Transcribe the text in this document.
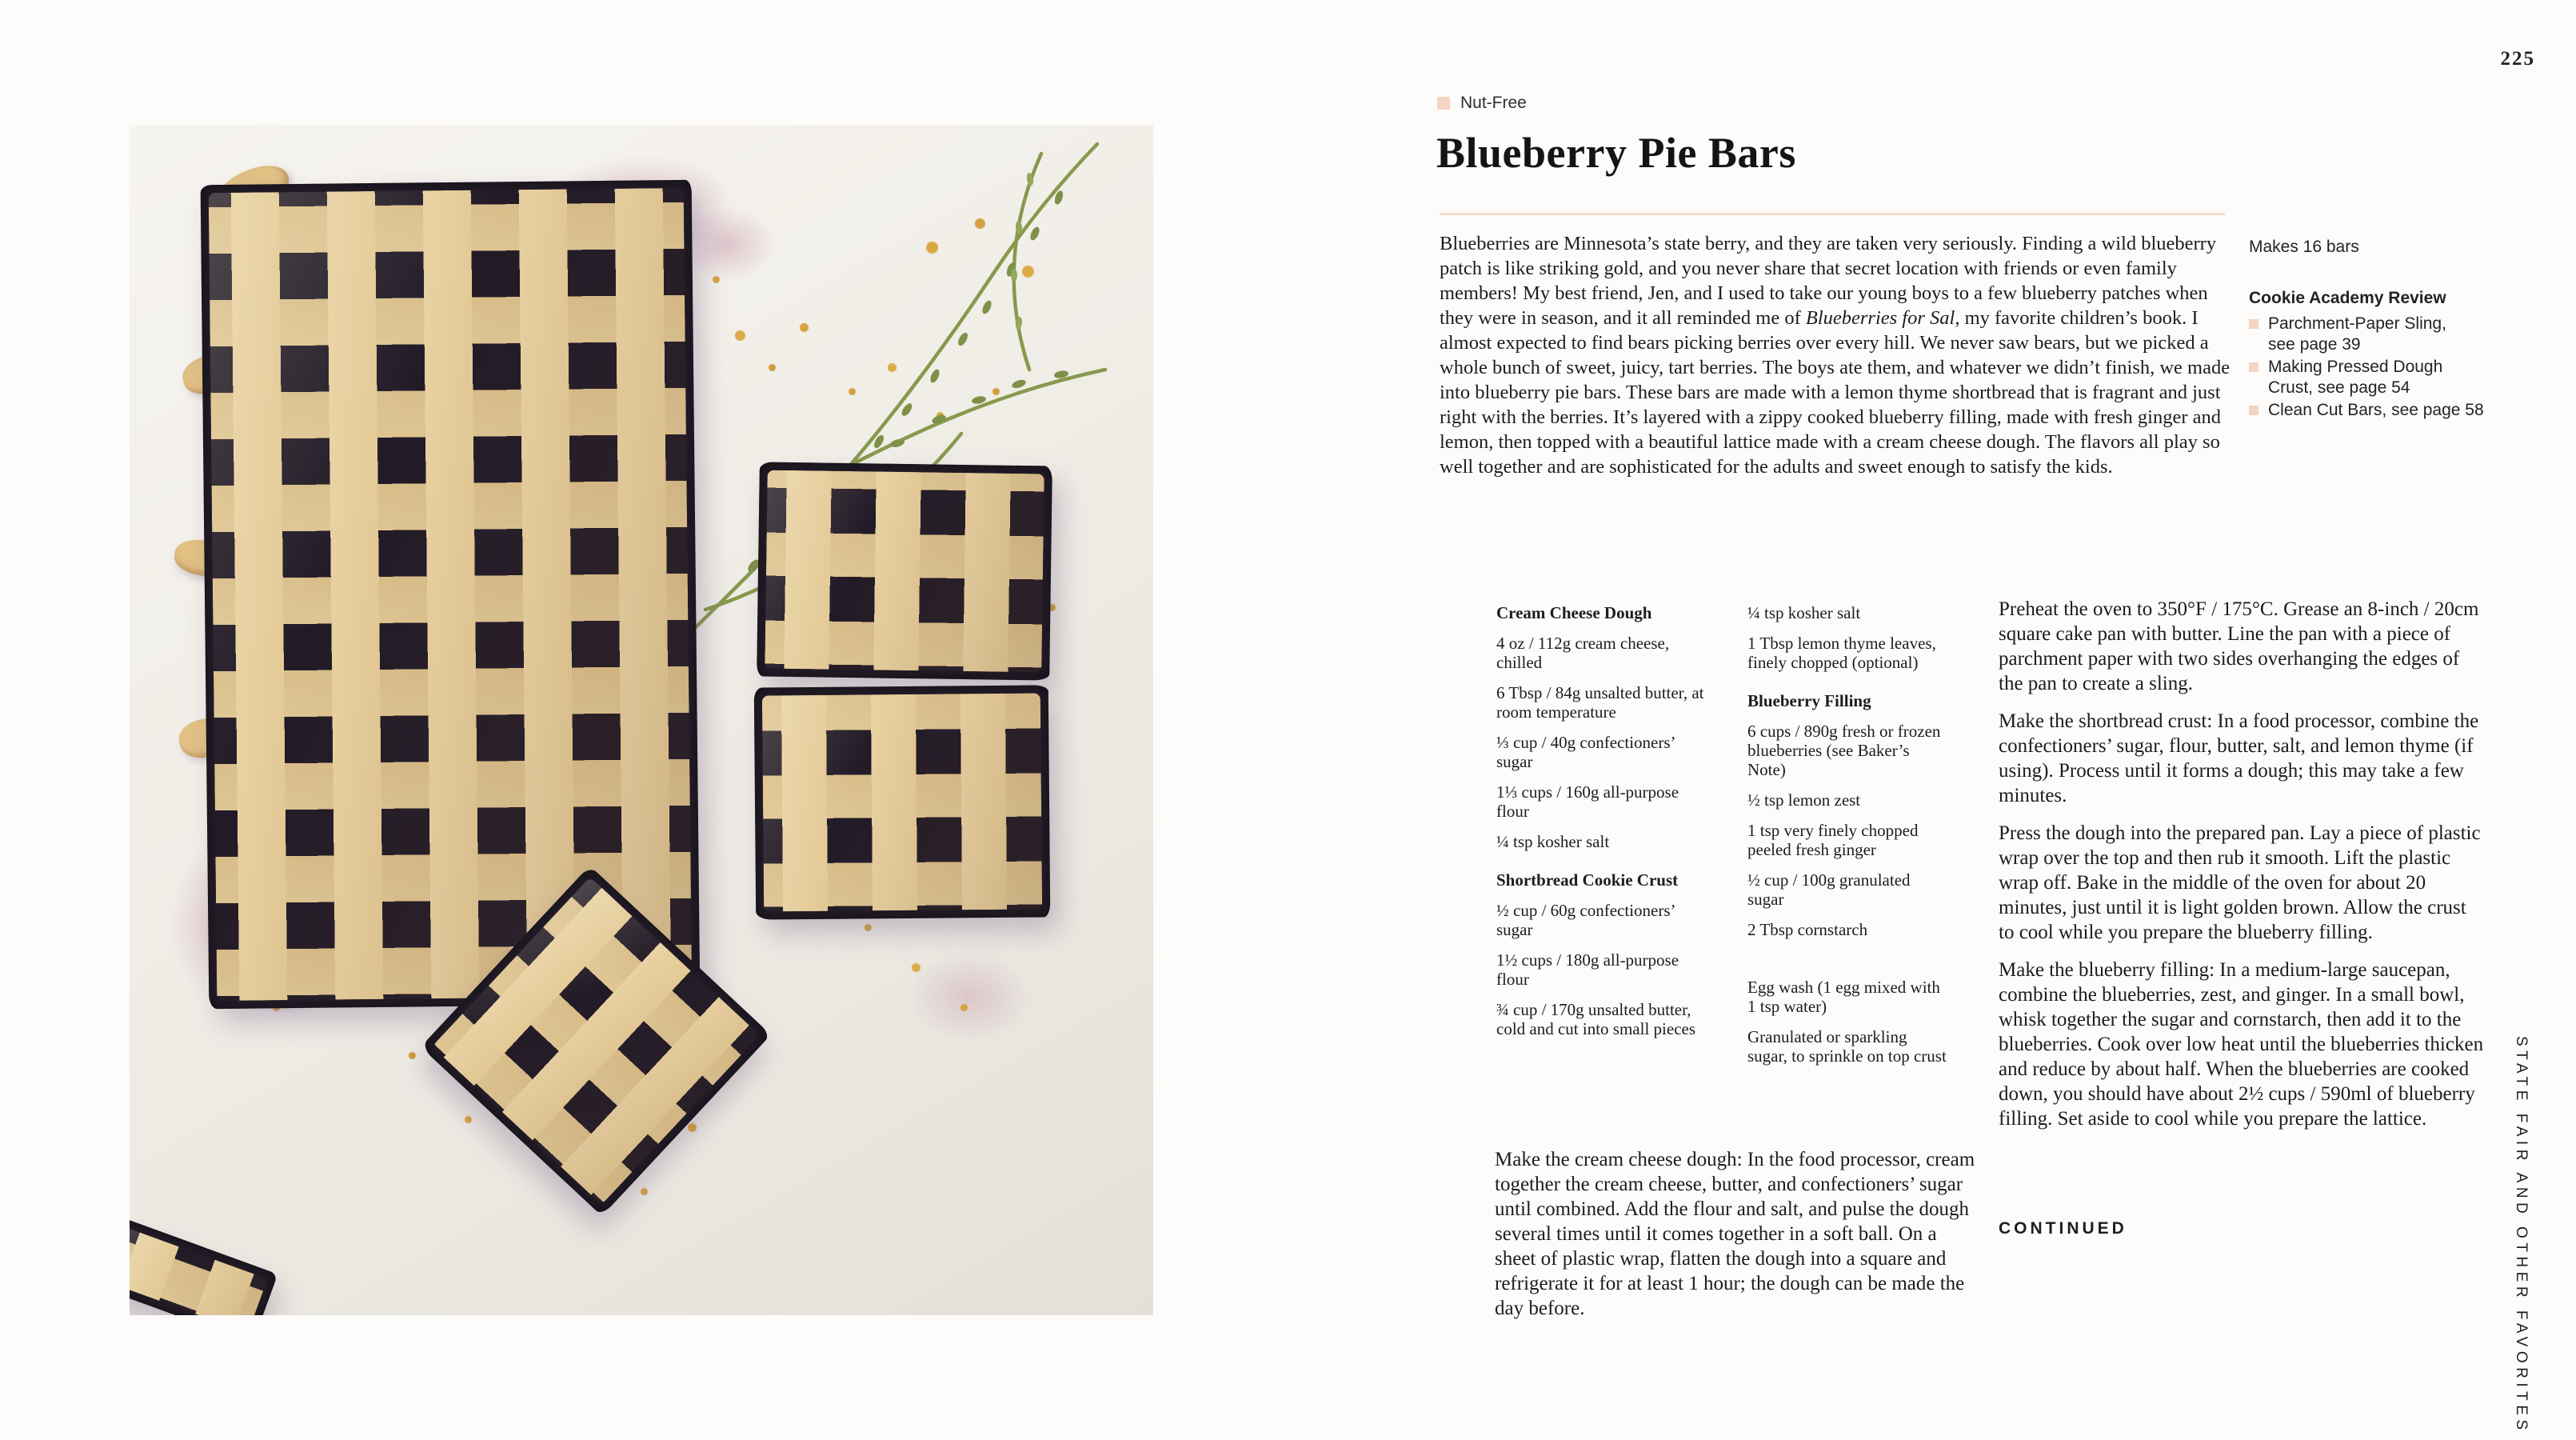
225
Nut-Free
Blueberry Pie Bars
Blueberries are Minnesota’s state berry, and they are taken very seriously. Finding a wild blueberry patch is like striking gold, and you never share that secret location with friends or even family members! My best friend, Jen, and I used to take our young boys to a few blueberry patches when they were in season, and it all reminded me of Blueberries for Sal, my favorite children’s book. I almost expected to find bears picking berries over every hill. We never saw bears, but we picked a whole bunch of sweet, juicy, tart berries. The boys ate them, and whatever we didn’t finish, we made into blueberry pie bars. These bars are made with a lemon thyme shortbread that is fragrant and just right with the berries. It’s layered with a zippy cooked blueberry filling, made with fresh ginger and lemon, then topped with a beautiful lattice made with a cream cheese dough. The flavors all play so well together and are sophisticated for the adults and sweet enough to satisfy the kids.
Makes 16 bars
Cookie Academy Review
Parchment-Paper Sling, see page 39
Making Pressed Dough Crust, see page 54
Clean Cut Bars, see page 58
Cream Cheese Dough
4 oz / 112g cream cheese, chilled
6 Tbsp / 84g unsalted butter, at room temperature
⅓ cup / 40g confectioners’ sugar
1⅓ cups / 160g all-purpose flour
¼ tsp kosher salt
Shortbread Cookie Crust
½ cup / 60g confectioners’ sugar
1½ cups / 180g all-purpose flour
¾ cup / 170g unsalted butter, cold and cut into small pieces
¼ tsp kosher salt
1 Tbsp lemon thyme leaves, finely chopped (optional)
Blueberry Filling
6 cups / 890g fresh or frozen blueberries (see Baker’s Note)
½ tsp lemon zest
1 tsp very finely chopped peeled fresh ginger
½ cup / 100g granulated sugar
2 Tbsp cornstarch
Egg wash (1 egg mixed with 1 tsp water)
Granulated or sparkling sugar, to sprinkle on top crust

Preheat the oven to 350°F / 175°C. Grease an 8-inch / 20cm square cake pan with butter. Line the pan with a piece of parchment paper with two sides overhanging the edges of the pan to create a sling.

Make the shortbread crust: In a food processor, combine the confectioners’ sugar, flour, butter, salt, and lemon thyme (if using). Process until it forms a dough; this may take a few minutes.

Press the dough into the prepared pan. Lay a piece of plastic wrap over the top and then rub it smooth. Lift the plastic wrap off. Bake in the middle of the oven for about 20 minutes, just until it is light golden brown. Allow the crust to cool while you prepare the blueberry filling.

Make the blueberry filling: In a medium-large saucepan, combine the blueberries, zest, and ginger. In a small bowl, whisk together the sugar and cornstarch, then add it to the blueberries. Cook over low heat until the blueberries thicken and reduce by about half. When the blueberries are cooked down, you should have about 2½ cups / 590ml of blueberry filling. Set aside to cool while you prepare the lattice.

CONTINUED
Make the cream cheese dough: In the food processor, cream together the cream cheese, butter, and confectioners’ sugar until combined. Add the flour and salt, and pulse the dough several times until it comes together in a soft ball. On a sheet of plastic wrap, flatten the dough into a square and refrigerate it for at least 1 hour; the dough can be made the day before.	STATE FAIR AND OTHER FAVORITES
